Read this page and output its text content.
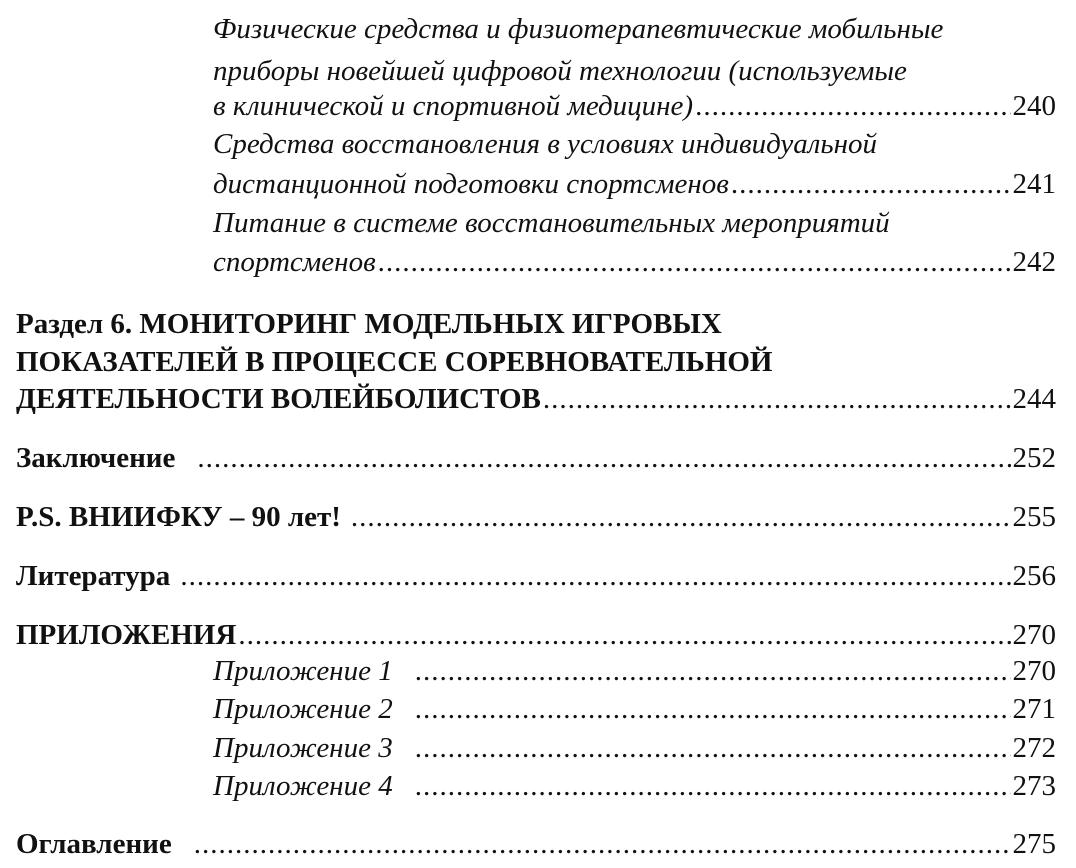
Физические средства и физиотерапевтические мобильные
приборы новейшей цифровой технологии (используемые
в клинической и спортивной медицине) .....	240
Средства восстановления в условиях индивидуальной
дистанционной подготовки спортсменов .....	241
Питание в системе восстановительных мероприятий
спортсменов .....	242
Раздел 6. МОНИТОРИНГ МОДЕЛЬНЫХ ИГРОВЫХ
ПОКАЗАТЕЛЕЙ В ПРОЦЕССЕ СОРЕВНОВАТЕЛЬНОЙ
ДЕЯТЕЛЬНОСТИ ВОЛЕЙБОЛИСТОВ .....	244
Заключение .....	252
P.S. ВНИИФКУ – 90 лет! .....	255
Литература .....	256
ПРИЛОЖЕНИЯ .....	270
Приложение 1 .....	270
Приложение 2 .....	271
Приложение 3 .....	272
Приложение 4 .....	273
Оглавление .....	275
